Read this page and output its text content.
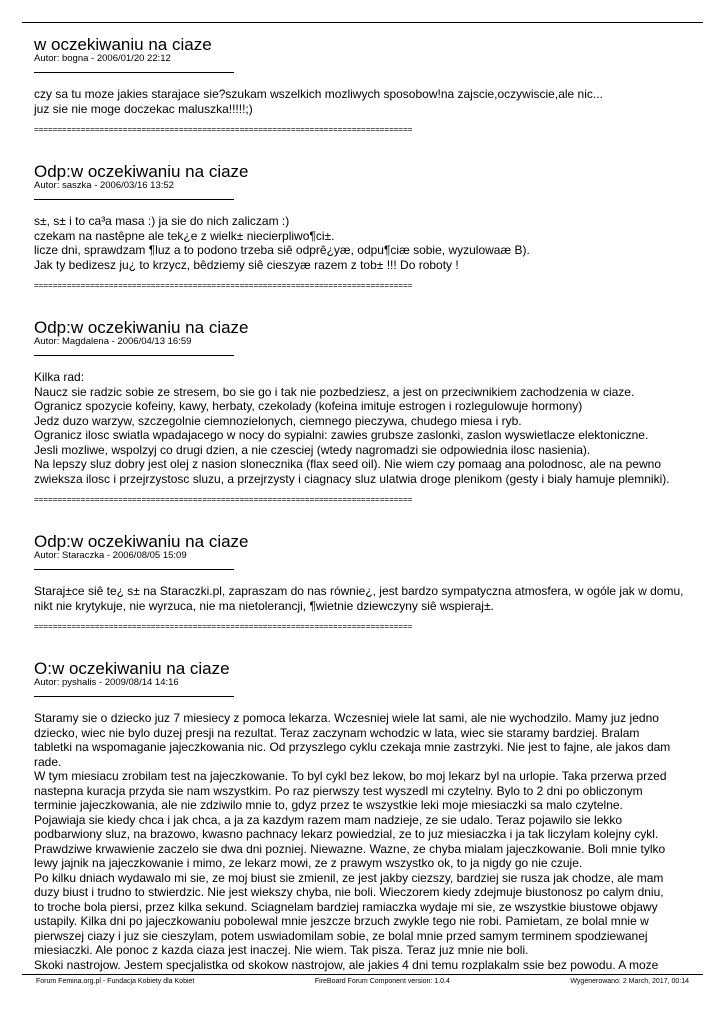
w oczekiwaniu na ciaze
Autor: bogna - 2006/01/20 22:12

czy sa tu moze jakies starajace sie?szukam wszelkich mozliwych sposobow!na zajscie,oczywiscie,ale nic...

juz sie nie moge doczekac maluszka!!!!!;)

=================================================================================
Odp:w oczekiwaniu na ciaze
Autor: saszka - 2006/03/16 13:52

s±, s± i to ca³a masa :) ja sie do nich zaliczam :)

czekam na nastêpne ale tek¿e z wielk± niecierpliwo¶ci±.

licze dni, sprawdzam ¶luz a to podono trzeba siê odprê¿yæ, odpu¶ciæ sobie, wyzulowaæ B).

Jak ty bedizesz ju¿ to krzycz, bêdziemy siê cieszyæ razem z tob± !!! Do roboty !

=================================================================================
Odp:w oczekiwaniu na ciaze
Autor: Magdalena - 2006/04/13 16:59

Kilka rad:

Naucz sie radzic sobie ze stresem, bo sie go i tak nie pozbedziesz, a jest on przeciwnikiem zachodzenia w ciaze.

Ogranicz spozycie kofeiny, kawy, herbaty, czekolady (kofeina imituje estrogen i rozlegulowuje hormony)

Jedz duzo warzyw, szczegolnie ciemnozielonych, ciemnego pieczywa, chudego miesa i ryb.

Ogranicz ilosc swiatla wpadajacego w nocy do sypialni: zawies grubsze zaslonki, zaslon wyswietlacze elektoniczne.

Jesli mozliwe, wspolzyj co drugi dzien, a nie czesciej (wtedy nagromadzi sie odpowiednia ilosc nasienia).

Na lepszy sluz dobry jest olej z nasion slonecznika (flax seed oil). Nie wiem czy pomaag ana polodnosc, ale na pewno

zwieksza ilosc i przejrzystosc sluzu, a przejrzysty i ciagnacy sluz ulatwia droge plenikom (gesty i bialy hamuje plemniki).

=================================================================================
Odp:w oczekiwaniu na ciaze
Autor: Staraczka - 2006/08/05 15:09

Staraj±ce siê te¿ s± na Staraczki.pl, zapraszam do nas równie¿, jest bardzo sympatyczna atmosfera, w ogóle jak w domu,

nikt nie krytykuje, nie wyrzuca, nie ma nietolerancji, ¶wietnie dziewczyny siê wspieraj±.

=================================================================================
O:w oczekiwaniu na ciaze
Autor: pyshalis - 2009/08/14 14:16

Staramy sie o dziecko juz 7 miesiecy z pomoca lekarza. Wczesniej wiele lat sami, ale nie wychodzilo. Mamy juz jedno

dziecko, wiec nie bylo duzej presji na rezultat. Teraz zaczynam wchodzic w lata, wiec sie staramy bardziej. Bralam

tabletki na wspomaganie jajeczkowania nic. Od przyszlego cyklu czekaja mnie zastrzyki. Nie jest to fajne, ale jakos dam

rade.

W tym miesiacu zrobilam test na jajeczkowanie. To byl cykl bez lekow, bo moj lekarz byl na urlopie. Taka przerwa przed

nastepna kuracja przyda sie nam wszystkim. Po raz pierwszy test wyszedl mi czytelny. Bylo to 2 dni po obliczonym

terminie jajeczkowania, ale nie zdziwilo mnie to, gdyz przez te wszystkie leki moje miesiaczki sa malo czytelne.

Pojawiaja sie kiedy chca i jak chca, a ja za kazdym razem mam nadzieje, ze sie udalo. Teraz pojawilo sie lekko

podbarwiony sluz, na brazowo, kwasno pachnacy lekarz powiedzial, ze to juz miesiaczka i ja tak liczylam kolejny cykl.

Prawdziwe krwawienie zaczelo sie dwa dni pozniej. Niewazne. Wazne, ze chyba mialam jajeczkowanie. Boli mnie tylko

lewy jajnik na jajeczkowanie i mimo, ze lekarz mowi, ze z prawym wszystko ok, to ja nigdy go nie czuje.

Po kilku dniach wydawalo mi sie, ze moj biust sie zmienil, ze jest jakby ciezszy, bardziej sie rusza jak chodze, ale mam

duzy biust i trudno to stwierdzic. Nie jest wiekszy chyba, nie boli. Wieczorem kiedy zdejmuje biustonosz po calym dniu,

to troche bola piersi, przez kilka sekund. Sciagnelam bardziej ramiaczka wydaje mi sie, ze wszystkie biustowe objawy

ustapily. Kilka dni po jajeczkowaniu pobolewal mnie jeszcze brzuch zwykle tego nie robi. Pamietam, ze bolal mnie w

pierwszej ciazy i juz sie cieszylam, potem uswiadomilam sobie, ze bolal mnie przed samym terminem spodziewanej

miesiaczki. Ale ponoc z kazda ciaza jest inaczej. Nie wiem. Tak pisza. Teraz juz mnie nie boli.

Skoki nastrojow. Jestem specjalistka od skokow nastrojow, ale jakies 4 dni temu rozplakalm ssie bez powodu. A moze

Forum Femina.org.pl - Fundacja Kobiety dla Kobiet	FireBoard Forum Component version: 1.0.4	Wygenerowano: 2 March, 2017, 00:14
